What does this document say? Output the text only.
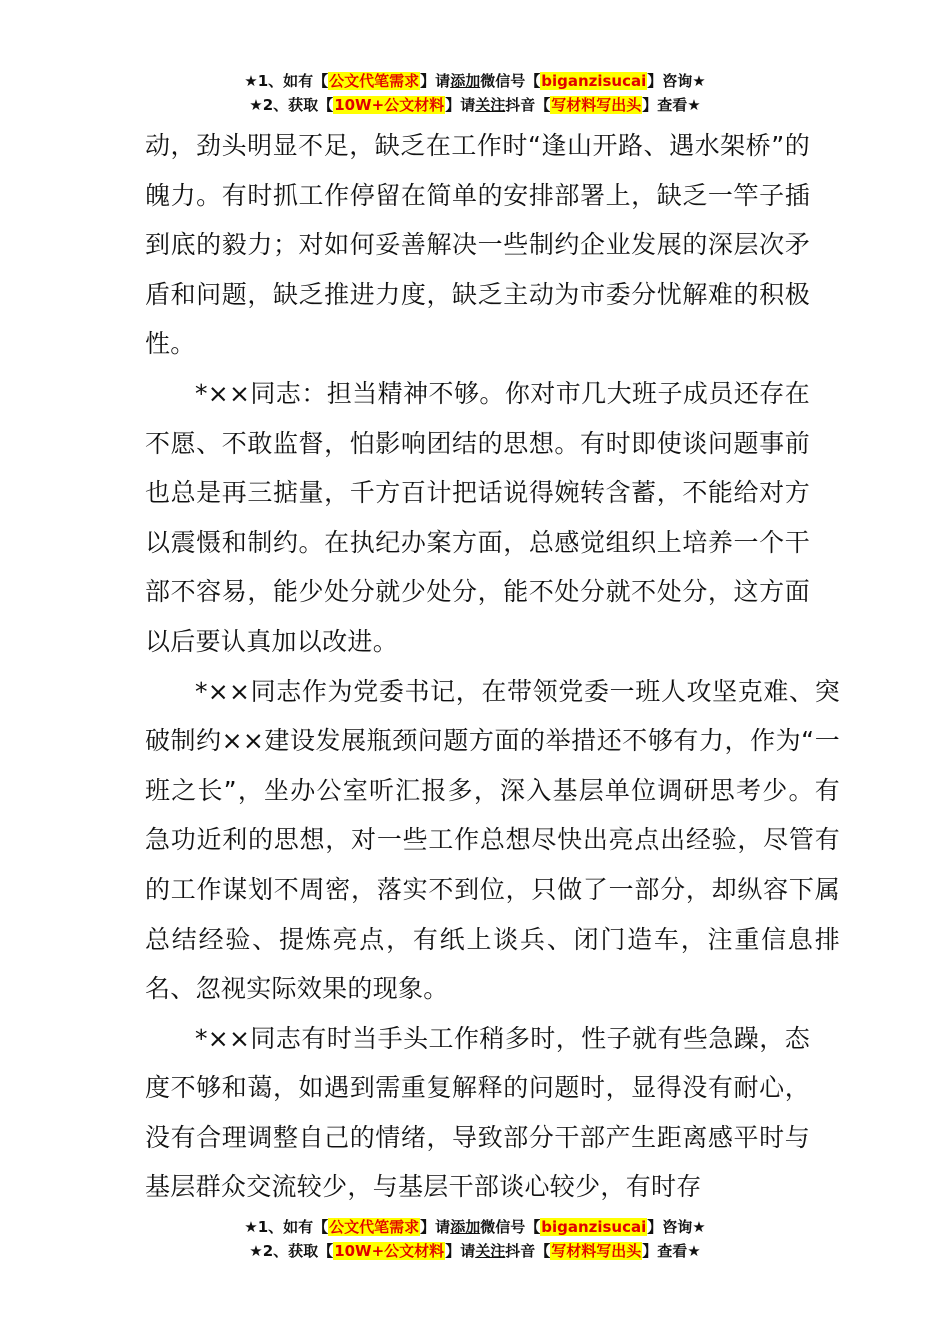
★1、如有【公文代笔需求】请添加微信号【biganzisucai】咨询★
★2、获取【10W+公文材料】请关注抖音【写材料写出头】查看★

动，劲头明显不足，缺乏在工作时“逢山开路、遇水架桥”的魄力。有时抓工作停留在简单的安排部署上，缺乏一竿子插到底的毅力；对如何妥善解决一些制约企业发展的深层次矛盾和问题，缺乏推进力度，缺乏主动为市委分忧解难的积极性。

*××同志：担当精神不够。你对市几大班子成员还存在不愿、不敢监督，怕影响团结的思想。有时即使谈问题事前也总是再三掂量，千方百计把话说得婉转含蓄，不能给对方以震慑和制约。在执纪办案方面，总感觉组织上培养一个干部不容易，能少处分就少处分，能不处分就不处分，这方面以后要认真加以改进。

*××同志作为党委书记，在带领党委一班人攻坚克难、突破制约××建设发展瓶颈问题方面的举措还不够有力，作为“一班之长”，坐办公室听汇报多，深入基层单位调研思考少。有急功近利的思想，对一些工作总想尽快出亮点出经验，尽管有的工作谋划不周密，落实不到位，只做了一部分，却纵容下属总结经验、提炼亮点，有纸上谈兵、闭门造车，注重信息排名、忽视实际效果的现象。

*××同志有时当手头工作稍多时，性子就有些急躁，态度不够和蔼，如遇到需重复解释的问题时，显得没有耐心，没有合理调整自己的情绪，导致部分干部产生距离感平时与基层群众交流较少，与基层干部谈心较少，有时存

★1、如有【公文代笔需求】请添加微信号【biganzisucai】咨询★
★2、获取【10W+公文材料】请关注抖音【写材料写出头】查看★
